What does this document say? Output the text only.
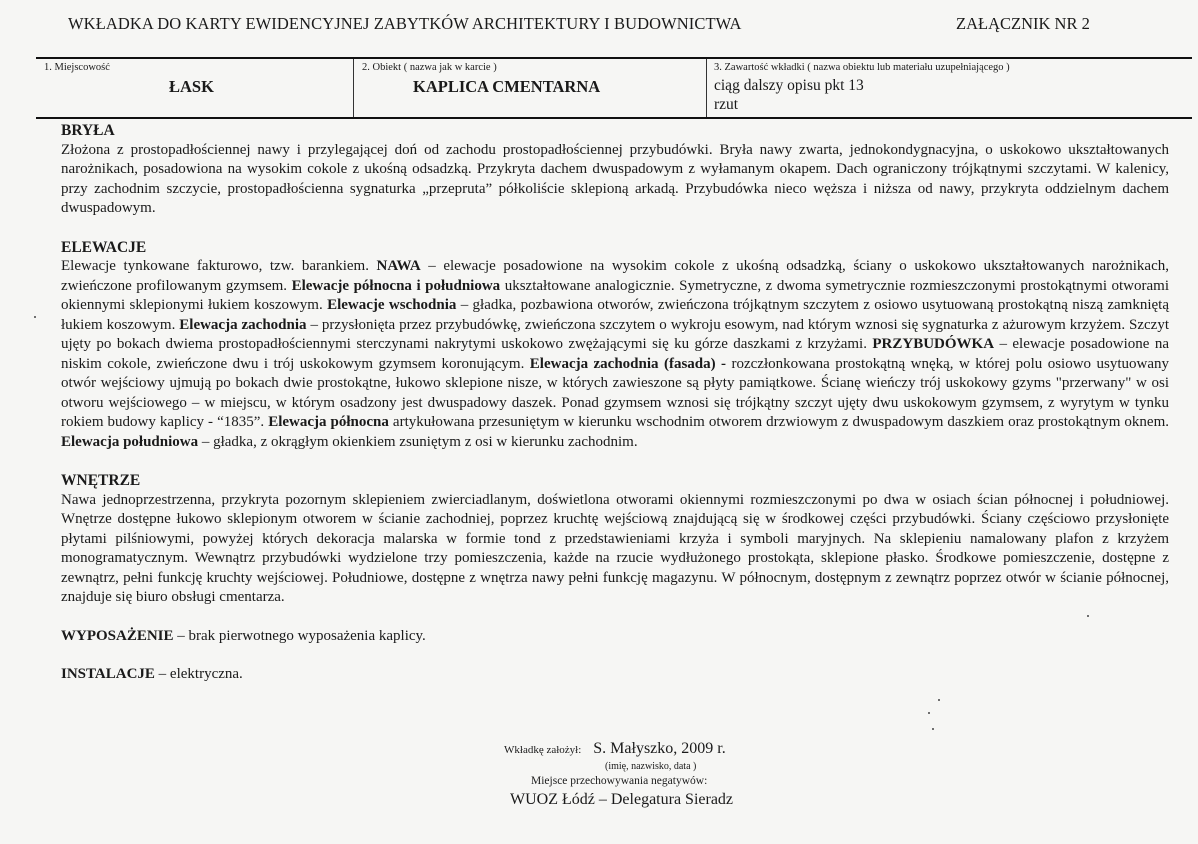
WKŁADKA DO KARTY EWIDENCYJNEJ ZABYTKÓW ARCHITEKTURY I BUDOWNICTWA	ZAŁĄCZNIK NR 2
1. Miejscowość
ŁASK
2. Obiekt ( nazwa jak w karcie )
KAPLICA CMENTARNA
3. Zawartość wkładki ( nazwa obiektu lub materiału uzupełniającego )
ciąg dalszy opisu pkt 13
rzut

BRYŁA

Złożona z prostopadłościennej nawy i przylegającej doń od zachodu prostopadłościennej przybudówki. Bryła nawy zwarta, jednokondygnacyjna, o uskokowo ukształtowanych narożnikach, posadowiona na wysokim cokole z ukośną odsadzką. Przykryta dachem dwuspadowym z wyłamanym okapem. Dach ograniczony trójkątnymi szczytami. W kalenicy, przy zachodnim szczycie, prostopadłościenna sygnaturka „przepruta” półkoliście sklepioną arkadą. Przybudówka nieco węższa i niższa od nawy, przykryta oddzielnym dachem dwuspadowym.

ELEWACJE

Elewacje tynkowane fakturowo, tzw. barankiem. NAWA – elewacje posadowione na wysokim cokole z ukośną odsadzką, ściany o uskokowo ukształtowanych narożnikach, zwieńczone profilowanym gzymsem. Elewacje północna i południowa ukształtowane analogicznie. Symetryczne, z dwoma symetrycznie rozmieszczonymi prostokątnymi otworami okiennymi sklepionymi łukiem koszowym. Elewacje wschodnia – gładka, pozbawiona otworów, zwieńczona trójkątnym szczytem z osiowo usytuowaną prostokątną niszą zamkniętą łukiem koszowym. Elewacja zachodnia – przysłonięta przez przybudówkę, zwieńczona szczytem o wykroju esowym, nad którym wznosi się sygnaturka z ażurowym krzyżem. Szczyt ujęty po bokach dwiema prostopadłościennymi sterczynami nakrytymi uskokowo zwężającymi się ku górze daszkami z krzyżami. PRZYBUDÓWKA – elewacje posadowione na niskim cokole, zwieńczone dwu i trój uskokowym gzymsem koronującym. Elewacja zachodnia (fasada) - rozczłonkowana prostokątną wnęką, w której polu osiowo usytuowany otwór wejściowy ujmują po bokach dwie prostokątne, łukowo sklepione nisze, w których zawieszone są płyty pamiątkowe. Ścianę wieńczy trój uskokowy gzyms "przerwany" w osi otworu wejściowego – w miejscu, w którym osadzony jest dwuspadowy daszek. Ponad gzymsem wznosi się trójkątny szczyt ujęty dwu uskokowym gzymsem, z wyrytym w tynku rokiem budowy kaplicy - “1835”. Elewacja północna artykułowana przesuniętym w kierunku wschodnim otworem drzwiowym z dwuspadowym daszkiem oraz prostokątnym oknem. Elewacja południowa – gładka, z okrągłym okienkiem zsuniętym z osi w kierunku zachodnim.

WNĘTRZE

Nawa jednoprzestrzenna, przykryta pozornym sklepieniem zwierciadlanym, doświetlona otworami okiennymi rozmieszczonymi po dwa w osiach ścian północnej i południowej. Wnętrze dostępne łukowo sklepionym otworem w ścianie zachodniej, poprzez kruchtę wejściową znajdującą się w środkowej części przybudówki. Ściany częściowo przysłonięte płytami pilśniowymi, powyżej których dekoracja malarska w formie tond z przedstawieniami krzyża i symboli maryjnych. Na sklepieniu namalowany plafon z krzyżem monogramatycznym. Wewnątrz przybudówki wydzielone trzy pomieszczenia, każde na rzucie wydłużonego prostokąta, sklepione płasko. Środkowe pomieszczenie, dostępne z zewnątrz, pełni funkcję kruchty wejściowej. Południowe, dostępne z wnętrza nawy pełni funkcję magazynu. W północnym, dostępnym z zewnątrz poprzez otwór w ścianie północnej, znajduje się biuro obsługi cmentarza.

WYPOSAŻENIE – brak pierwotnego wyposażenia kaplicy.

INSTALACJE – elektryczna.

Wkładkę założył: S. Małyszko, 2009 r.
(imię, nazwisko, data )
Miejsce przechowywania negatywów:
WUOZ Łódź – Delegatura Sieradz
